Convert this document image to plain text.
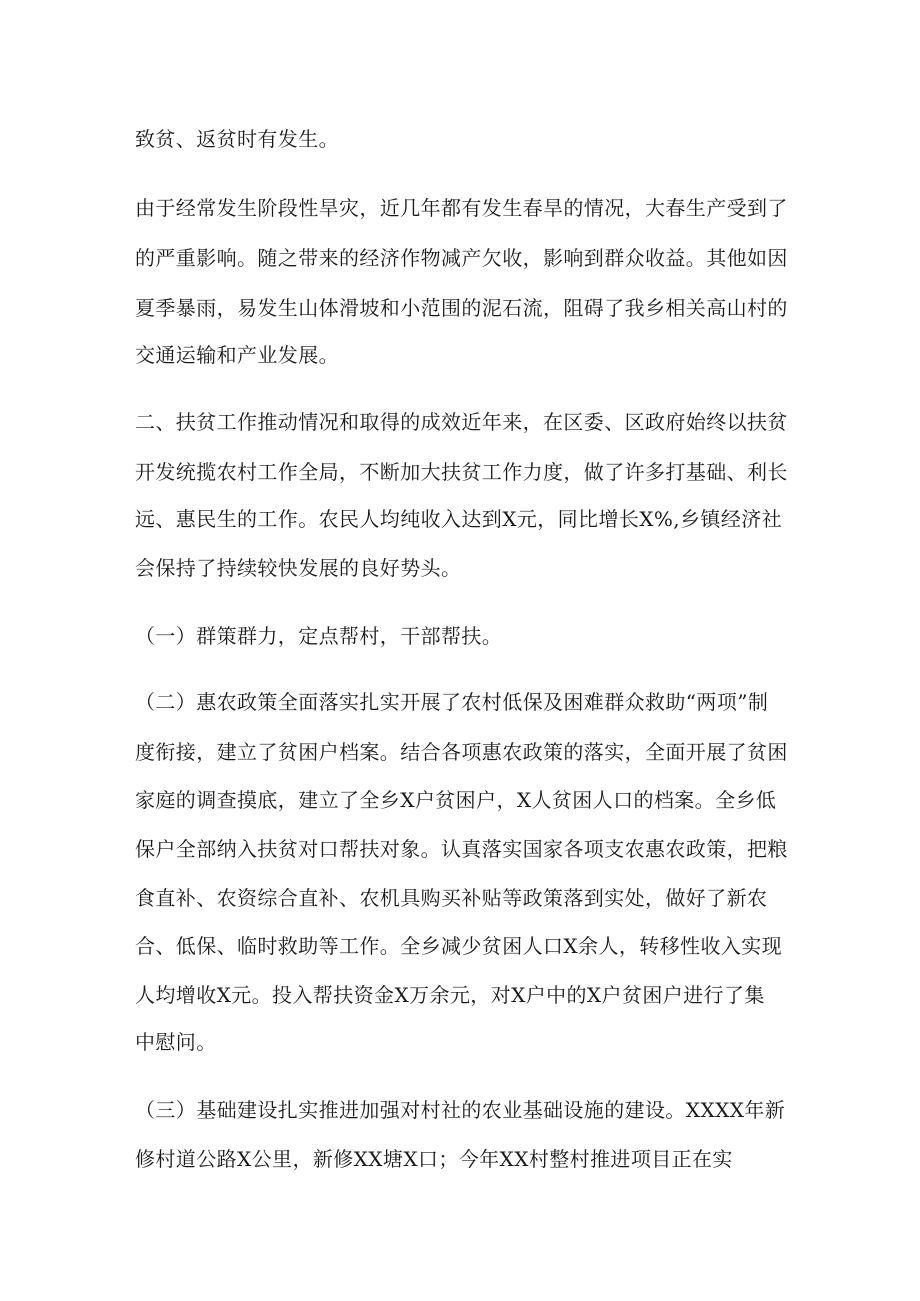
致贫、返贫时有发生。
由于经常发生阶段性旱灾，近几年都有发生春旱的情况，大春生产受到了
的严重影响。随之带来的经济作物减产欠收，影响到群众收益。其他如因
夏季暴雨，易发生山体滑坡和小范围的泥石流，阻碍了我乡相关高山村的
交通运输和产业发展。
二、扶贫工作推动情况和取得的成效近年来，在区委、区政府始终以扶贫
开发统揽农村工作全局，不断加大扶贫工作力度，做了许多打基础、利长
远、惠民生的工作。农民人均纯收入达到X元，同比增长X%,乡镇经济社
会保持了持续较快发展的良好势头。
（一）群策群力，定点帮村，干部帮扶。
（二）惠农政策全面落实扎实开展了农村低保及困难群众救助“两项”制
度衔接，建立了贫困户档案。结合各项惠农政策的落实，全面开展了贫困
家庭的调查摸底，建立了全乡X户贫困户，X人贫困人口的档案。全乡低
保户全部纳入扶贫对口帮扶对象。认真落实国家各项支农惠农政策，把粮
食直补、农资综合直补、农机具购买补贴等政策落到实处，做好了新农
合、低保、临时救助等工作。全乡减少贫困人口X余人，转移性收入实现
人均增收X元。投入帮扶资金X万余元，对X户中的X户贫困户进行了集
中慰问。
（三）基础建设扎实推进加强对村社的农业基础设施的建设。XXXX年新
修村道公路X公里，新修XX塘X口；今年XX村整村推进项目正在实
